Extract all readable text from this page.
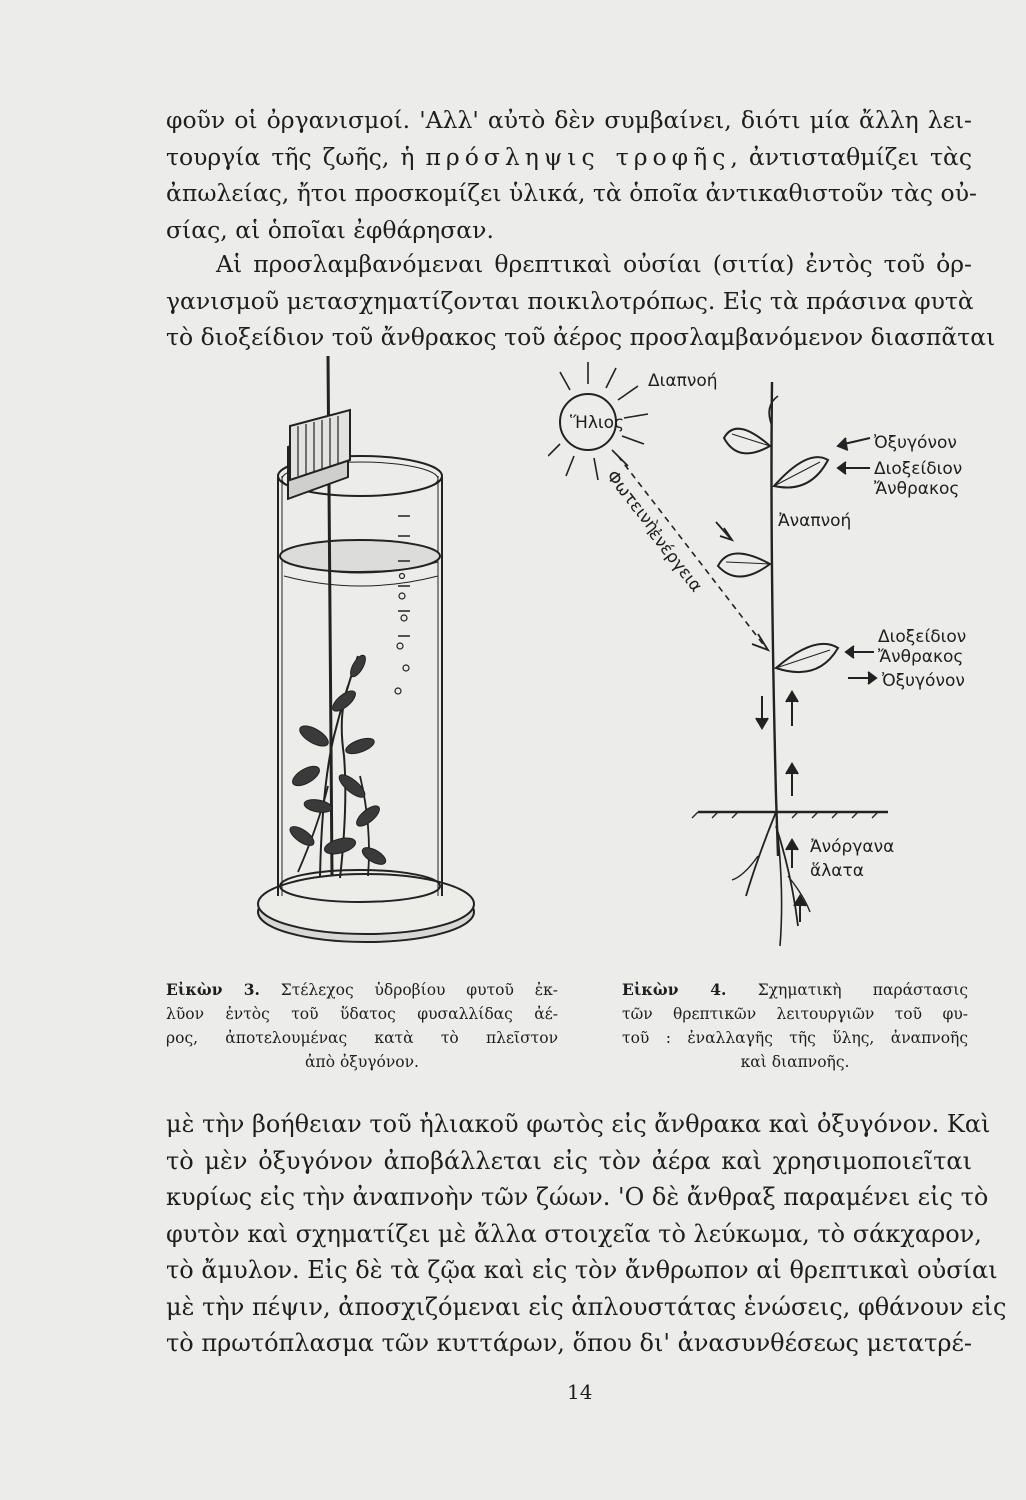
φοῦν οἱ ὀργανισμοί. 'Αλλ' αὐτὸ δὲν συμβαίνει, διότι μία ἄλλη λει-
τουργία τῆς ζωῆς, ἡ πρόσληψις τροφῆς, ἀντισταθμίζει τὰς
ἀπωλείας, ἤτοι προσκομίζει ὑλικά, τὰ ὁποῖα ἀντικαθιστοῦν τὰς οὐ-
σίας, αἱ ὁποῖαι ἐφθάρησαν.

Αἱ προσλαμβανόμεναι θρεπτικαὶ οὐσίαι (σιτία) ἐντὸς τοῦ ὀρ-
γανισμοῦ μετασχηματίζονται ποικιλοτρόπως. Εἰς τὰ πράσινα φυτὰ
τὸ διοξείδιον τοῦ ἄνθρακος τοῦ ἀέρος προσλαμβανόμενον διασπᾶται

Ἥλιος
Διαπνοή
Φωτεινὴ
ἐνέργεια
Ὀξυγόνον
Διοξείδιον
Ἄνθρακος
Ἀναπνοή
Διοξείδιον
Ἄνθρακος
Ὀξυγόνον
Ἀνόργανα
ἅλατα

Εἰκὼν 3. Στέλεχος ὑδροβίου φυτοῦ ἐκ-
λῦον ἐντὸς τοῦ ὕδατος φυσαλλίδας ἀέ-
ρος, ἀποτελουμένας κατὰ τὸ πλεῖστον
ἀπὸ ὀξυγόνον.

Εἰκὼν 4. Σχηματικὴ παράστασις
τῶν θρεπτικῶν λειτουργιῶν τοῦ φυ-
τοῦ : ἐναλλαγῆς τῆς ὕλης, ἀναπνοῆς
καὶ διαπνοῆς.

μὲ τὴν βοήθειαν τοῦ ἡλιακοῦ φωτὸς εἰς ἄνθρακα καὶ ὀξυγόνον. Καὶ
τὸ μὲν ὀξυγόνον ἀποβάλλεται εἰς τὸν ἀέρα καὶ χρησιμοποιεῖται
κυρίως εἰς τὴν ἀναπνοὴν τῶν ζώων. 'Ο δὲ ἄνθραξ παραμένει εἰς τὸ
φυτὸν καὶ σχηματίζει μὲ ἄλλα στοιχεῖα τὸ λεύκωμα, τὸ σάκχαρον,
τὸ ἄμυλον. Εἰς δὲ τὰ ζῷα καὶ εἰς τὸν ἄνθρωπον αἱ θρεπτικαὶ οὐσίαι
μὲ τὴν πέψιν, ἀποσχιζόμεναι εἰς ἁπλουστάτας ἑνώσεις, φθάνουν εἰς
τὸ πρωτόπλασμα τῶν κυττάρων, ὅπου δι' ἀνασυνθέσεως μετατρέ-

14
